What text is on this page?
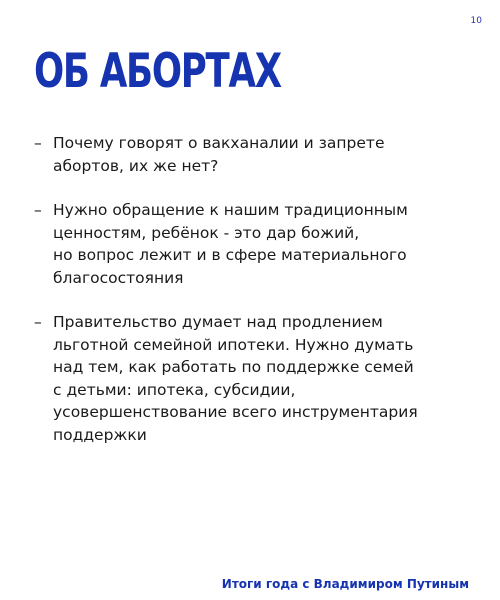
10
ОБ АБОРТАХ
– Почему говорят о вакханалии и запрете
абортов, их же нет?
– Нужно обращение к нашим традиционным
ценностям, ребёнок - это дар божий,
но вопрос лежит и в сфере материального
благосостояния
– Правительство думает над продлением
льготной семейной ипотеки. Нужно думать
над тем, как работать по поддержке семей
с детьми: ипотека, субсидии,
усовершенствование всего инструментария
поддержки
Итоги года с Владимиром Путиным
